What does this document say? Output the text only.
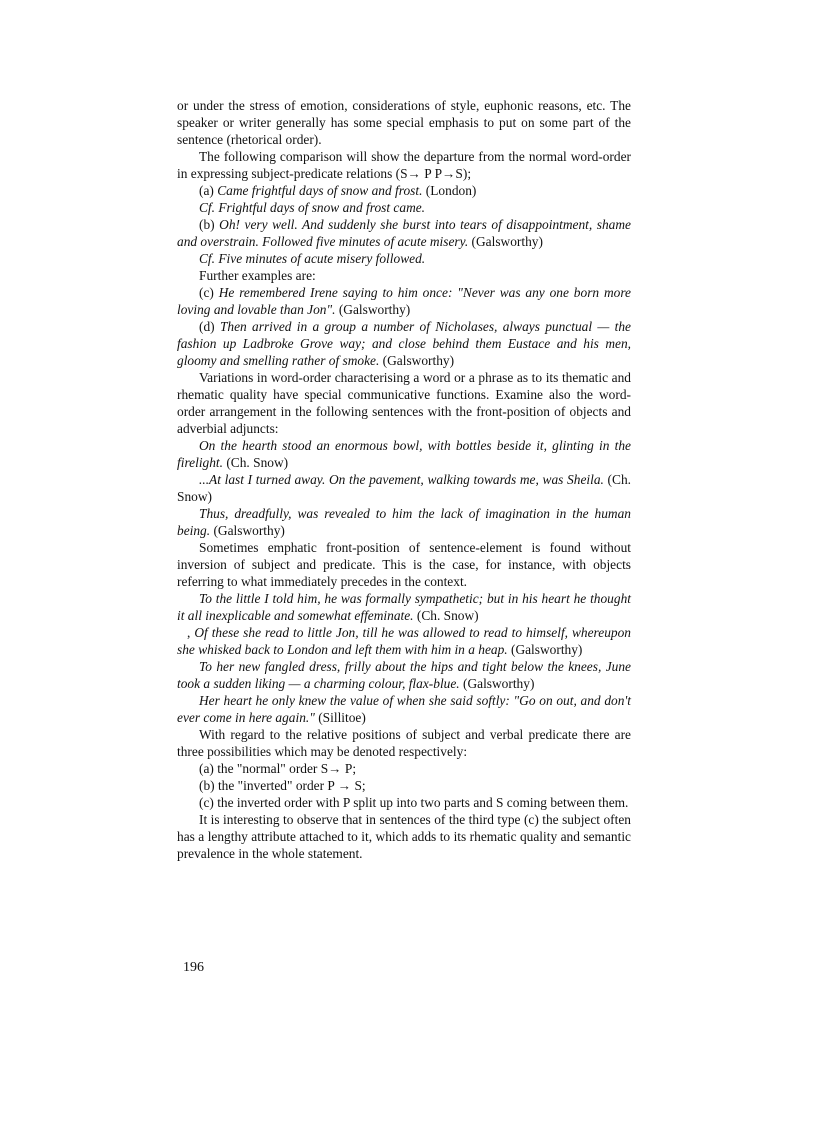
or under the stress of emotion, considerations of style, euphonic reasons, etc. The speaker or writer generally has some special emphasis to put on some part of the sentence (rhetorical order).

The following comparison will show the departure from the normal word-order in expressing subject-predicate relations (S→ P P→S);

(a) Came frightful days of snow and frost. (London)

Cf. Frightful days of snow and frost came.

(b) Oh! very well. And suddenly she burst into tears of disappointment, shame and overstrain. Followed five minutes of acute misery. (Galsworthy)

Cf. Five minutes of acute misery followed.

Further examples are:

(c) He remembered Irene saying to him once: "Never was any one born more loving and lovable than Jon". (Galsworthy)

(d) Then arrived in a group a number of Nicholases, always punctual — the fashion up Ladbroke Grove way; and close behind them Eustace and his men, gloomy and smelling rather of smoke. (Galsworthy)

Variations in word-order characterising a word or a phrase as to its thematic and rhematic quality have special communicative functions. Examine also the word-order arrangement in the following sentences with the front-position of objects and adverbial adjuncts:

On the hearth stood an enormous bowl, with bottles beside it, glinting in the firelight. (Ch. Snow)

...At last I turned away. On the pavement, walking towards me, was Sheila. (Ch. Snow)

Thus, dreadfully, was revealed to him the lack of imagination in the human being. (Galsworthy)

Sometimes emphatic front-position of sentence-element is found without inversion of subject and predicate. This is the case, for instance, with objects referring to what immediately precedes in the context.

To the little I told him, he was formally sympathetic; but in his heart he thought it all inexplicable and somewhat effeminate. (Ch. Snow)

, Of these she read to little Jon, till he was allowed to read to himself, whereupon she whisked back to London and left them with him in a heap. (Galsworthy)

To her new fangled dress, frilly about the hips and tight below the knees, June took a sudden liking — a charming colour, flax-blue. (Galsworthy)

Her heart he only knew the value of when she said softly: "Go on out, and don't ever come in here again." (Sillitoe)

With regard to the relative positions of subject and verbal predicate there are three possibilities which may be denoted respectively:

(a) the "normal" order S→ P;

(b) the "inverted" order P → S;

(c) the inverted order with P split up into two parts and S coming between them.

It is interesting to observe that in sentences of the third type (c) the subject often has a lengthy attribute attached to it, which adds to its rhematic quality and semantic prevalence in the whole statement.

196
